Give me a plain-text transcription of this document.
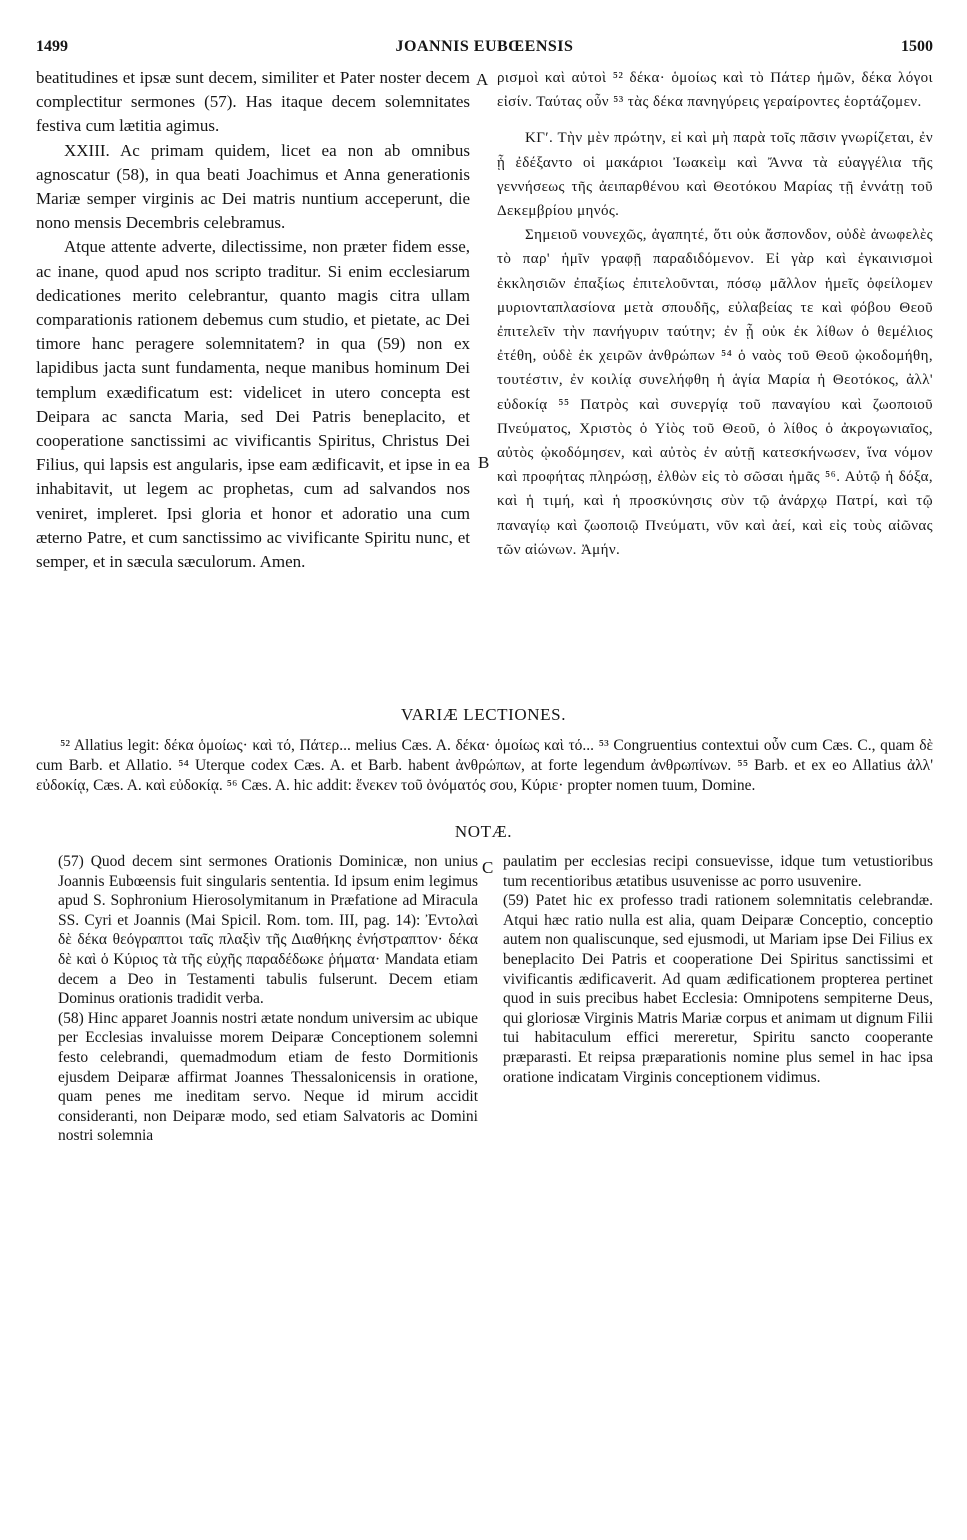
1499	JOANNIS EUBŒENSIS	1500

beatitudines et ipsæ sunt decem, similiter et Pater noster decem complectitur sermones (57). Has itaque decem solemnitates festiva cum lætitia agimus.

XXIII. Ac primam quidem, licet ea non ab omnibus agnoscatur (58), in qua beati Joachimus et Anna generationis Mariæ semper virginis ac Dei matris nuntium acceperunt, die nono mensis Decembris celebramus.

Atque attente adverte, dilectissime, non præter fidem esse, ac inane, quod apud nos scripto traditur. Si enim ecclesiarum dedicationes merito celebrantur, quanto magis citra ullam comparationis rationem debemus cum studio, et pietate, ac Dei timore hanc peragere solemnitatem? in qua (59) non ex lapidibus jacta sunt fundamenta, neque manibus hominum Dei templum exædificatum est: videlicet in utero concepta est Deipara ac sancta Maria, sed Dei Patris beneplacito, et cooperatione sanctissimi ac vivificantis Spiritus, Christus Dei Filius, qui lapsis est angularis, ipse eam ædificavit, et ipse in ea inhabitavit, ut legem ac prophetas, cum ad salvandos nos veniret, impleret. Ipsi gloria et honor et adoratio una cum æterno Patre, et cum sanctissimo ac vivificante Spiritu nunc, et semper, et in sæcula sæculorum. Amen.

A
B
C

ρισμοὶ καὶ αὐτοὶ ⁵² δέκα· ὁμοίως καὶ τὸ Πάτερ ἡμῶν, δέκα λόγοι εἰσίν. Ταύτας οὖν ⁵³ τὰς δέκα πανηγύρεις γεραίροντες ἑορτάζομεν.

ΚΓʹ. Τὴν μὲν πρώτην, εἰ καὶ μὴ παρὰ τοῖς πᾶσιν γνωρίζεται, ἐν ᾗ ἐδέξαντο οἱ μακάριοι Ἰωακεὶμ καὶ Ἄννα τὰ εὐαγγέλια τῆς γεννήσεως τῆς ἀειπαρθένου καὶ Θεοτόκου Μαρίας τῇ ἐννάτῃ τοῦ Δεκεμβρίου μηνός.

Σημειοῦ νουνεχῶς, ἀγαπητέ, ὅτι οὐκ ἄσπονδον, οὐδὲ ἀνωφελὲς τὸ παρ' ἡμῖν γραφῇ παραδιδόμενον. Εἰ γὰρ καὶ ἐγκαινισμοὶ ἐκκλησιῶν ἐπαξίως ἐπιτελοῦνται, πόσῳ μᾶλλον ἡμεῖς ὀφείλομεν μυριονταπλασίονα μετὰ σπουδῆς, εὐλαβείας τε καὶ φόβου Θεοῦ ἐπιτελεῖν τὴν πανήγυριν ταύτην; ἐν ᾗ οὐκ ἐκ λίθων ὁ θεμέλιος ἐτέθη, οὐδὲ ἐκ χειρῶν ἀνθρώπων ⁵⁴ ὁ ναὸς τοῦ Θεοῦ ᾠκοδομήθη, τουτέστιν, ἐν κοιλίᾳ συνελήφθη ἡ ἁγία Μαρία ἡ Θεοτόκος, ἀλλ' εὐδοκίᾳ ⁵⁵ Πατρὸς καὶ συνεργίᾳ τοῦ παναγίου καὶ ζωοποιοῦ Πνεύματος, Χριστὸς ὁ Υἱὸς τοῦ Θεοῦ, ὁ λίθος ὁ ἀκρογωνιαῖος, αὐτὸς ᾠκοδόμησεν, καὶ αὐτὸς ἐν αὐτῇ κατεσκήνωσεν, ἵνα νόμον καὶ προφήτας πληρώσῃ, ἐλθὼν εἰς τὸ σῶσαι ἡμᾶς ⁵⁶. Αὐτῷ ἡ δόξα, καὶ ἡ τιμή, καὶ ἡ προσκύνησις σὺν τῷ ἀνάρχῳ Πατρί, καὶ τῷ παναγίῳ καὶ ζωοποιῷ Πνεύματι, νῦν καὶ ἀεί, καὶ εἰς τοὺς αἰῶνας τῶν αἰώνων. Ἀμήν.

VARIÆ LECTIONES.
⁵² Allatius legit: δέκα ὁμοίως· καὶ τό, Πάτερ... melius Cæs. A. δέκα· ὁμοίως καὶ τό... ⁵³ Congruentius contextui οὖν cum Cæs. C., quam δὲ cum Barb. et Allatio. ⁵⁴ Uterque codex Cæs. A. et Barb. habent ἀνθρώπων, at forte legendum ἀνθρωπίνων. ⁵⁵ Barb. et ex eo Allatius ἀλλ' εὐδοκίᾳ, Cæs. A. καὶ εὐδοκίᾳ. ⁵⁶ Cæs. A. hic addit: ἕνεκεν τοῦ ὀνόματός σου, Κύριε· propter nomen tuum, Domine.
NOTÆ.

(57) Quod decem sint sermones Orationis Dominicæ, non unius Joannis Eubœensis fuit singularis sententia. Id ipsum enim legimus apud S. Sophronium Hierosolymitanum in Præfatione ad Miracula SS. Cyri et Joannis (Mai Spicil. Rom. tom. III, pag. 14): Ἐντολαὶ δὲ δέκα θεόγραπτοι ταῖς πλαξὶν τῆς Διαθήκης ἐνήστραπτον· δέκα δὲ καὶ ὁ Κύριος τὰ τῆς εὐχῆς παραδέδωκε ῥήματα· Mandata etiam decem a Deo in Testamenti tabulis fulserunt. Decem etiam Dominus orationis tradidit verba.

(58) Hinc apparet Joannis nostri ætate nondum universim ac ubique per Ecclesias invaluisse morem Deiparæ Conceptionem solemni festo celebrandi, quemadmodum etiam de festo Dormitionis ejusdem Deiparæ affirmat Joannes Thessalonicensis in oratione, quam penes me ineditam servo. Neque id mirum accidit consideranti, non Deiparæ modo, sed etiam Salvatoris ac Domini nostri solemnia

paulatim per ecclesias recipi consuevisse, idque tum vetustioribus tum recentioribus ætatibus usuvenisse ac porro usuvenire.

(59) Patet hic ex professo tradi rationem solemnitatis celebrandæ. Atqui hæc ratio nulla est alia, quam Deiparæ Conceptio, conceptio autem non qualiscunque, sed ejusmodi, ut Mariam ipse Dei Filius ex beneplacito Dei Patris et cooperatione Dei Spiritus sanctissimi et vivificantis ædificaverit. Ad quam ædificationem propterea pertinet quod in suis precibus habet Ecclesia: Omnipotens sempiterne Deus, qui gloriosæ Virginis Matris Mariæ corpus et animam ut dignum Filii tui habitaculum effici mereretur, Spiritu sancto cooperante præparasti. Et reipsa præparationis nomine plus semel in hac ipsa oratione indicatam Virginis conceptionem vidimus.
